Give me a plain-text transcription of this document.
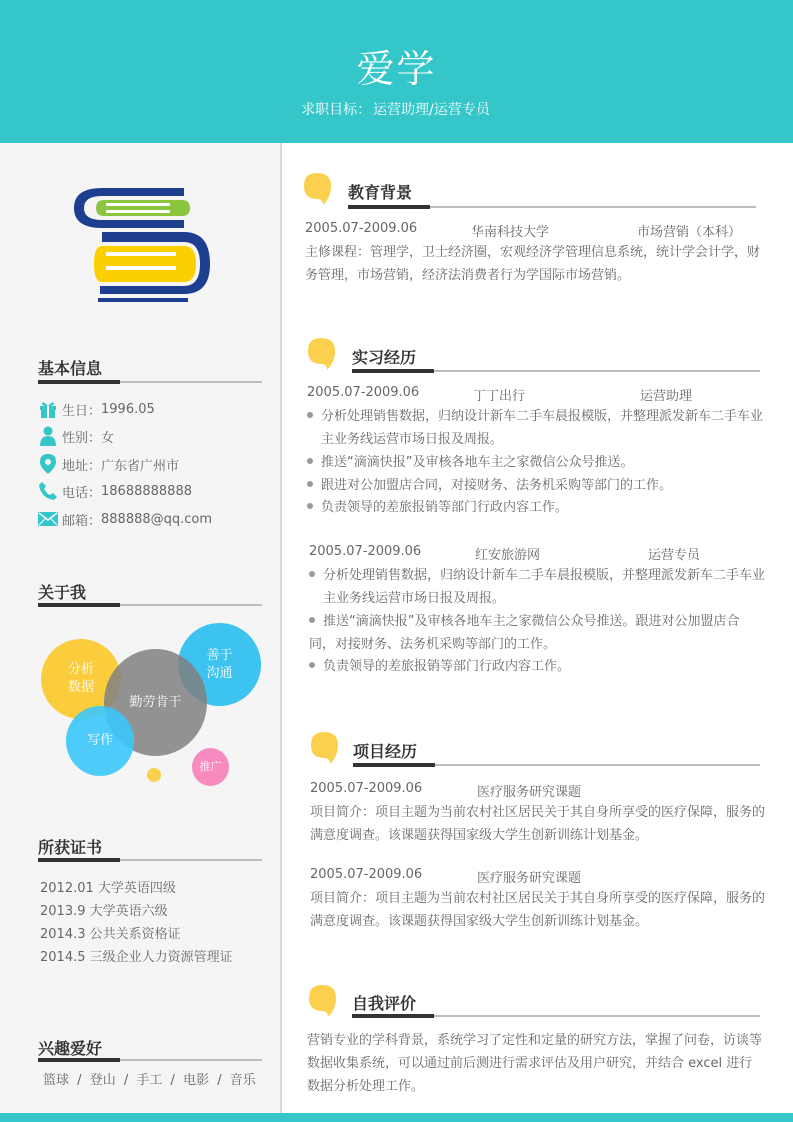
爱学
求职目标： 运营助理/运营专员
基本信息
生日： 1996.05
性别： 女
地址： 广东省广州市
电话： 18688888888
邮箱： 888888@qq.com
关于我
分析
数据
善于
沟通
勤劳肯干
写作
推广
所获证书
2012.01 大学英语四级
2013.9 大学英语六级
2014.3 公共关系资格证
2014.5 三级企业人力资源管理证
兴趣爱好
篮球 / 登山 / 手工 / 电影 / 音乐
教育背景
2005.07-2009.06	华南科技大学	市场营销（本科）
主修课程：管理学，卫士经济圈，宏观经济学管理信息系统，统计学会计学，财务管理，市场营销，经济法消费者行为学国际市场营销。
实习经历
2005.07-2009.06	丁丁出行	运营助理
分析处理销售数据，归纳设计新车二手车晨报模版，并整理派发新车二手车业主业务线运营市场日报及周报。
推送“滴滴快报”及审核各地车主之家微信公众号推送。
跟进对公加盟店合同，对接财务、法务机采购等部门的工作。
负责领导的差旅报销等部门行政内容工作。
2005.07-2009.06	红安旅游网	运营专员
分析处理销售数据，归纳设计新车二手车晨报模版，并整理派发新车二手车业主业务线运营市场日报及周报。
推送“滴滴快报”及审核各地车主之家微信公众号推送。跟进对公加盟店合同，对接财务、法务机采购等部门的工作。
负责领导的差旅报销等部门行政内容工作。
项目经历
2005.07-2009.06	医疗服务研究课题
项目简介：项目主题为当前农村社区居民关于其自身所享受的医疗保障，服务的满意度调查。该课题获得国家级大学生创新训练计划基金。
2005.07-2009.06	医疗服务研究课题
项目简介：项目主题为当前农村社区居民关于其自身所享受的医疗保障，服务的满意度调查。该课题获得国家级大学生创新训练计划基金。
自我评价
营销专业的学科背景，系统学习了定性和定量的研究方法，掌握了问卷，访谈等数据收集系统，可以通过前后测进行需求评估及用户研究，并结合 excel 进行数据分析处理工作。
